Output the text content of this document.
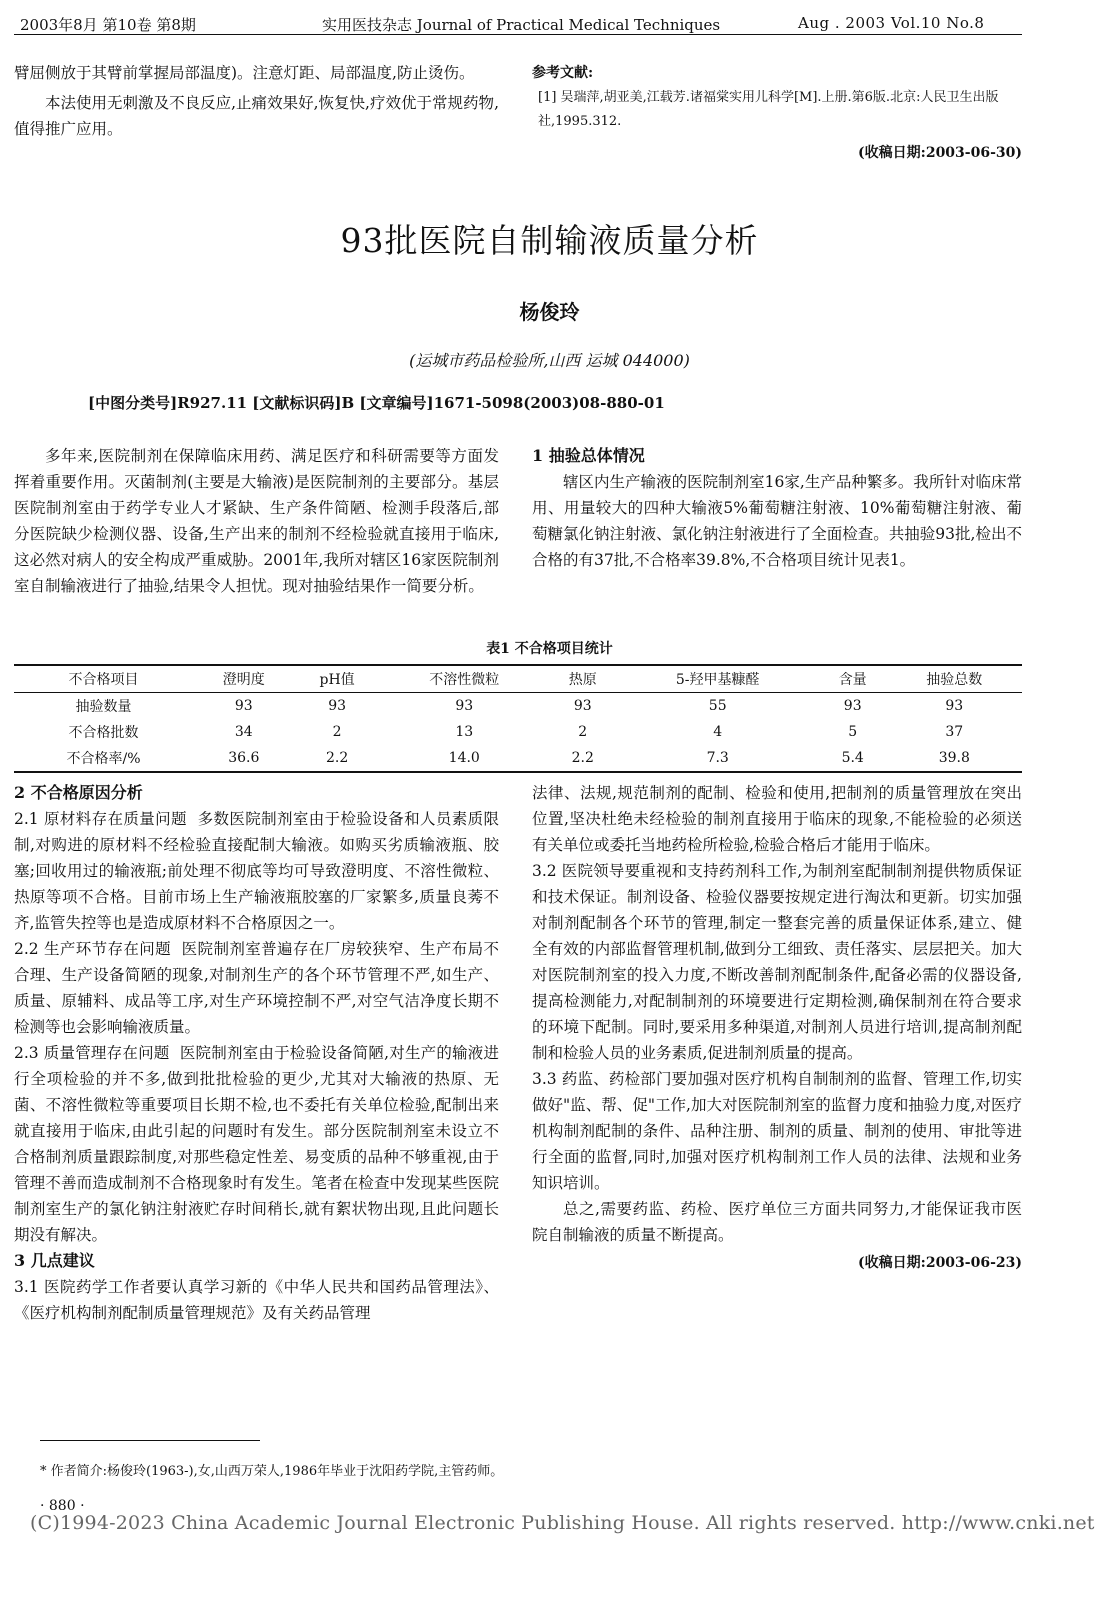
2003年8月 第10卷 第8期	实用医技杂志 Journal of Practical Medical Techniques	Aug . 2003 Vol.10 No.8

臂屈侧放于其臂前掌握局部温度)。注意灯距、局部温度,防止烫伤。

本法使用无刺激及不良反应,止痛效果好,恢复快,疗效优于常规药物,值得推广应用。

参考文献:
[1] 吴瑞萍,胡亚美,江载芳.诸福棠实用儿科学[M].上册.第6版.北京:人民卫生出版社,1995.312.
(收稿日期:2003-06-30)
93批医院自制输液质量分析
杨俊玲
(运城市药品检验所,山西 运城 044000)
[中图分类号]R927.11 [文献标识码]B [文章编号]1671-5098(2003)08-880-01

多年来,医院制剂在保障临床用药、满足医疗和科研需要等方面发挥着重要作用。灭菌制剂(主要是大输液)是医院制剂的主要部分。基层医院制剂室由于药学专业人才紧缺、生产条件简陋、检测手段落后,部分医院缺少检测仪器、设备,生产出来的制剂不经检验就直接用于临床,这必然对病人的安全构成严重威胁。2001年,我所对辖区16家医院制剂室自制输液进行了抽验,结果令人担忧。现对抽验结果作一简要分析。

1 抽验总体情况

辖区内生产输液的医院制剂室16家,生产品种繁多。我所针对临床常用、用量较大的四种大输液5%葡萄糖注射液、10%葡萄糖注射液、葡萄糖氯化钠注射液、氯化钠注射液进行了全面检查。共抽验93批,检出不合格的有37批,不合格率39.8%,不合格项目统计见表1。

表1 不合格项目统计
不合格项目	澄明度	pH值	不溶性微粒	热原	5-羟甲基糠醛	含量	抽验总数
抽验数量	93	93	93	93	55	93	93
不合格批数	34	2	13	2	4	5	37
不合格率/%	36.6	2.2	14.0	2.2	7.3	5.4	39.8

2 不合格原因分析

2.1 原材料存在质量问题 多数医院制剂室由于检验设备和人员素质限制,对购进的原材料不经检验直接配制大输液。如购买劣质输液瓶、胶塞;回收用过的输液瓶;前处理不彻底等均可导致澄明度、不溶性微粒、热原等项不合格。目前市场上生产输液瓶胶塞的厂家繁多,质量良莠不齐,监管失控等也是造成原材料不合格原因之一。

2.2 生产环节存在问题 医院制剂室普遍存在厂房较狭窄、生产布局不合理、生产设备简陋的现象,对制剂生产的各个环节管理不严,如生产、质量、原辅料、成品等工序,对生产环境控制不严,对空气洁净度长期不检测等也会影响输液质量。

2.3 质量管理存在问题 医院制剂室由于检验设备简陋,对生产的输液进行全项检验的并不多,做到批批检验的更少,尤其对大输液的热原、无菌、不溶性微粒等重要项目长期不检,也不委托有关单位检验,配制出来就直接用于临床,由此引起的问题时有发生。部分医院制剂室未设立不合格制剂质量跟踪制度,对那些稳定性差、易变质的品种不够重视,由于管理不善而造成制剂不合格现象时有发生。笔者在检查中发现某些医院制剂室生产的氯化钠注射液贮存时间稍长,就有絮状物出现,且此问题长期没有解决。

3 几点建议

3.1 医院药学工作者要认真学习新的《中华人民共和国药品管理法》、《医疗机构制剂配制质量管理规范》及有关药品管理

法律、法规,规范制剂的配制、检验和使用,把制剂的质量管理放在突出位置,坚决杜绝未经检验的制剂直接用于临床的现象,不能检验的必须送有关单位或委托当地药检所检验,检验合格后才能用于临床。

3.2 医院领导要重视和支持药剂科工作,为制剂室配制制剂提供物质保证和技术保证。制剂设备、检验仪器要按规定进行淘汰和更新。切实加强对制剂配制各个环节的管理,制定一整套完善的质量保证体系,建立、健全有效的内部监督管理机制,做到分工细致、责任落实、层层把关。加大对医院制剂室的投入力度,不断改善制剂配制条件,配备必需的仪器设备,提高检测能力,对配制制剂的环境要进行定期检测,确保制剂在符合要求的环境下配制。同时,要采用多种渠道,对制剂人员进行培训,提高制剂配制和检验人员的业务素质,促进制剂质量的提高。

3.3 药监、药检部门要加强对医疗机构自制制剂的监督、管理工作,切实做好"监、帮、促"工作,加大对医院制剂室的监督力度和抽验力度,对医疗机构制剂配制的条件、品种注册、制剂的质量、制剂的使用、审批等进行全面的监督,同时,加强对医疗机构制剂工作人员的法律、法规和业务知识培训。

总之,需要药监、药检、医疗单位三方面共同努力,才能保证我市医院自制输液的质量不断提高。

(收稿日期:2003-06-23)
* 作者简介:杨俊玲(1963-),女,山西万荣人,1986年毕业于沈阳药学院,主管药师。
· 880 ·
(C)1994-2023 China Academic Journal Electronic Publishing House. All rights reserved. http://www.cnki.net
